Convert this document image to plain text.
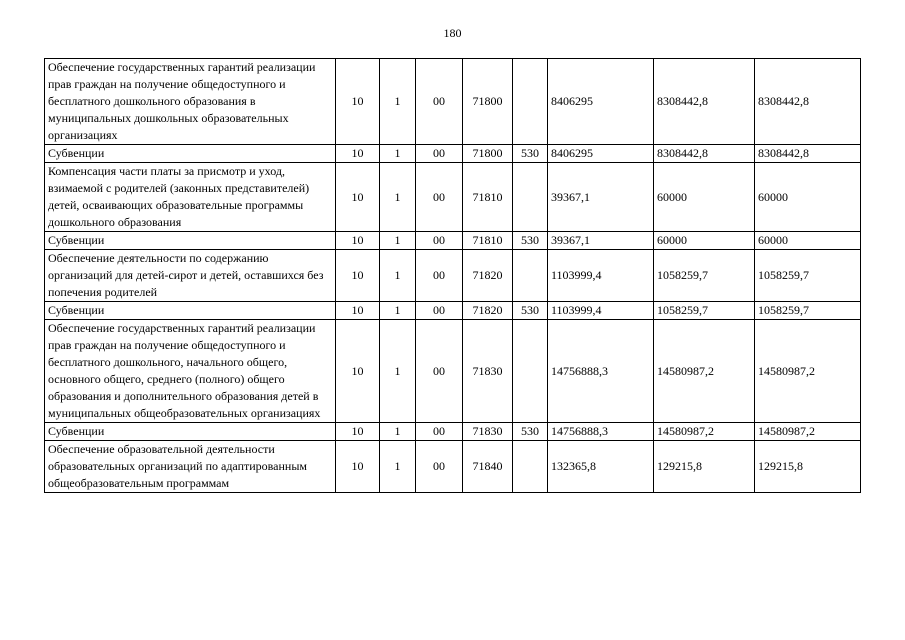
180
Обеспечение государственных гарантий реализации прав граждан на получение общедоступного и бесплатного дошкольного образования в муниципальных дошкольных образовательных организациях	10	1	00	71800		8406295	8308442,8	8308442,8
Субвенции	10	1	00	71800	530	8406295	8308442,8	8308442,8
Компенсация части платы за присмотр и уход, взимаемой с родителей (законных представителей) детей, осваивающих образовательные программы дошкольного образования	10	1	00	71810		39367,1	60000	60000
Субвенции	10	1	00	71810	530	39367,1	60000	60000
Обеспечение деятельности по содержанию организаций для детей-сирот и детей, оставшихся без попечения родителей	10	1	00	71820		1103999,4	1058259,7	1058259,7
Субвенции	10	1	00	71820	530	1103999,4	1058259,7	1058259,7
Обеспечение государственных гарантий реализации прав граждан на получение общедоступного и бесплатного дошкольного, начального общего, основного общего, среднего (полного) общего образования и дополнительного образования детей в муниципальных общеобразовательных организациях	10	1	00	71830		14756888,3	14580987,2	14580987,2
Субвенции	10	1	00	71830	530	14756888,3	14580987,2	14580987,2
Обеспечение образовательной деятельности образовательных организаций по адаптированным общеобразовательным программам	10	1	00	71840		132365,8	129215,8	129215,8
